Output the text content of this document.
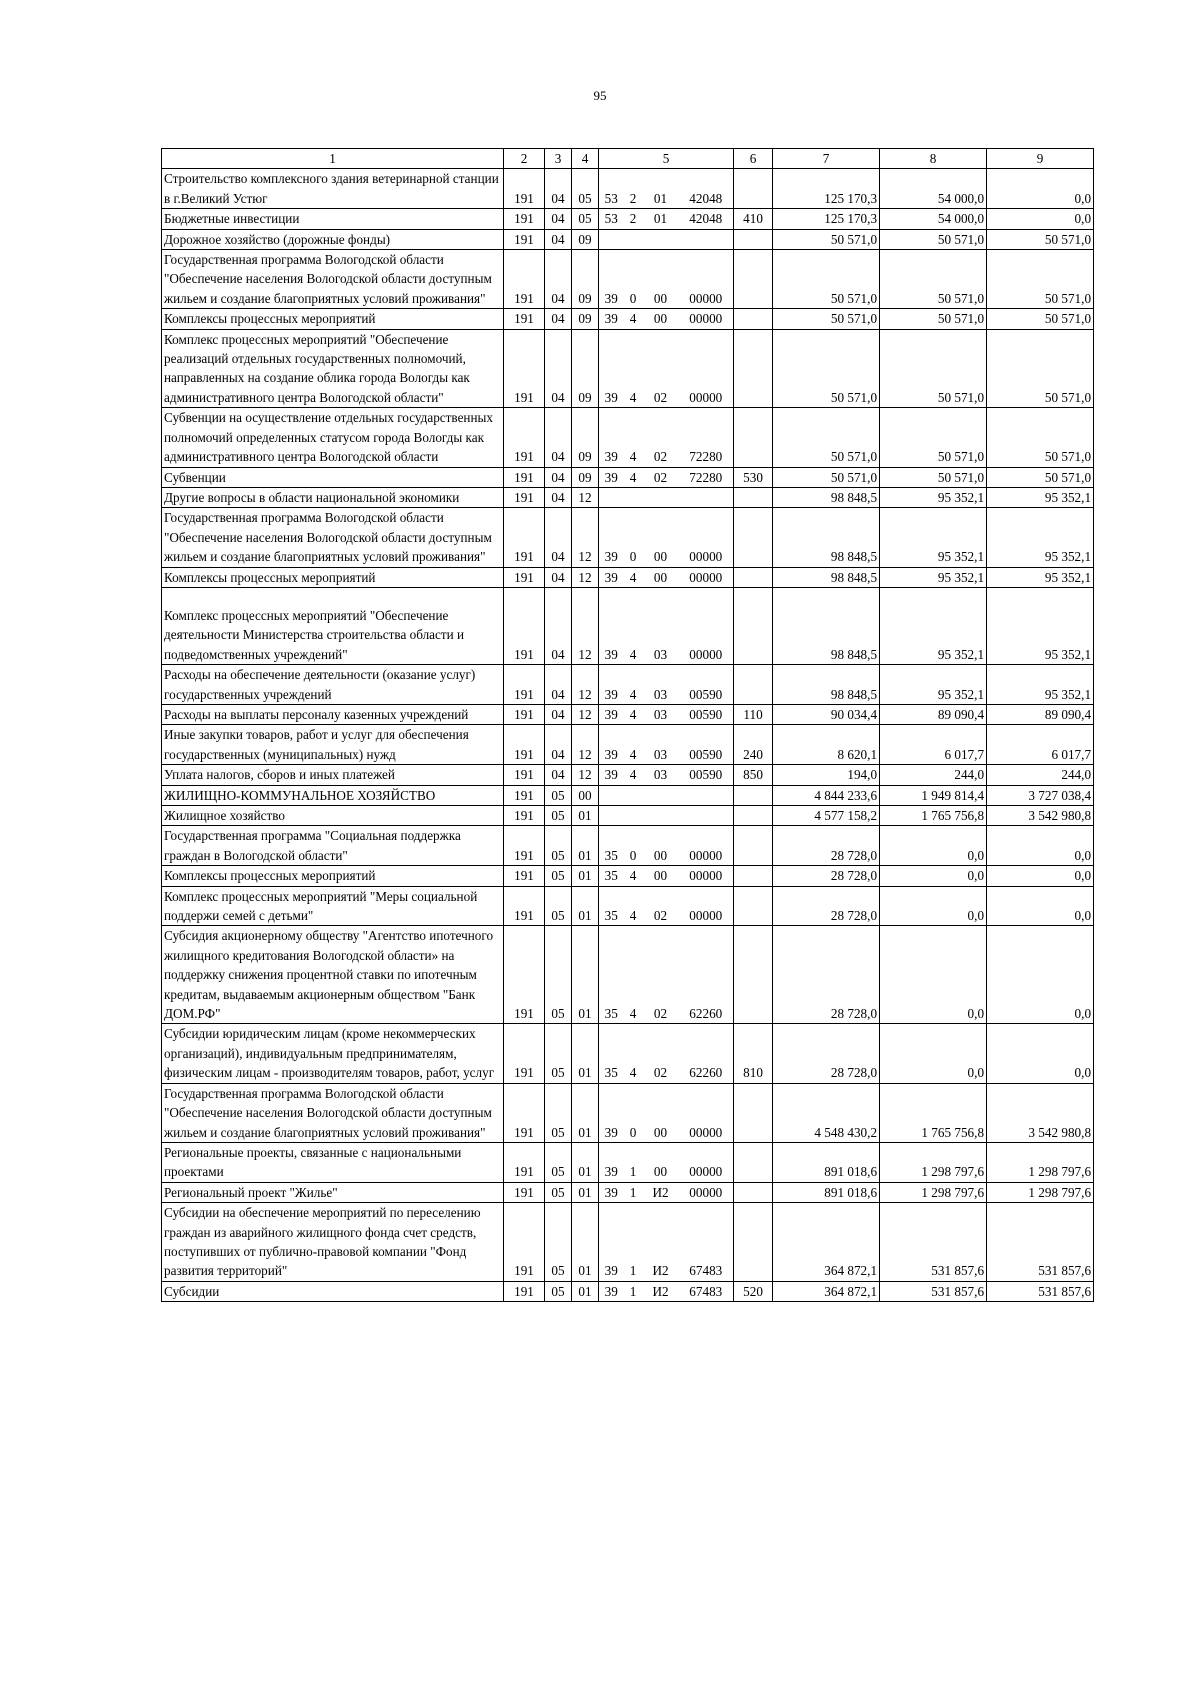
95
1	2	3	4	5				6	7	8	9
Строительство комплексного здания ветеринарной станции в г.Великий Устюг	191	04	05	53	2	01	42048		125 170,3	54 000,0	0,0
Бюджетные инвестиции	191	04	05	53	2	01	42048	410	125 170,3	54 000,0	0,0
Дорожное хозяйство (дорожные фонды)	191	04	09						50 571,0	50 571,0	50 571,0
Государственная программа Вологодской области "Обеспечение населения Вологодской области доступным жильем и создание благоприятных условий проживания"	191	04	09	39	0	00	00000		50 571,0	50 571,0	50 571,0
Комплексы процессных мероприятий	191	04	09	39	4	00	00000		50 571,0	50 571,0	50 571,0
Комплекс процессных мероприятий "Обеспечение реализаций отдельных государственных полномочий, направленных на создание облика города Вологды как административного центра Вологодской области"	191	04	09	39	4	02	00000		50 571,0	50 571,0	50 571,0
Субвенции на осуществление отдельных государственных полномочий определенных статусом города Вологды как административного центра Вологодской области	191	04	09	39	4	02	72280		50 571,0	50 571,0	50 571,0
Субвенции	191	04	09	39	4	02	72280	530	50 571,0	50 571,0	50 571,0
Другие вопросы в области национальной экономики	191	04	12						98 848,5	95 352,1	95 352,1
Государственная программа Вологодской области "Обеспечение населения Вологодской области доступным жильем и создание благоприятных условий проживания"	191	04	12	39	0	00	00000		98 848,5	95 352,1	95 352,1
Комплексы процессных мероприятий	191	04	12	39	4	00	00000		98 848,5	95 352,1	95 352,1
Комплекс процессных мероприятий "Обеспечение деятельности Министерства строительства области и подведомственных учреждений"	191	04	12	39	4	03	00000		98 848,5	95 352,1	95 352,1
Расходы на обеспечение деятельности (оказание услуг) государственных учреждений	191	04	12	39	4	03	00590		98 848,5	95 352,1	95 352,1
Расходы на выплаты персоналу казенных учреждений	191	04	12	39	4	03	00590	110	90 034,4	89 090,4	89 090,4
Иные закупки товаров, работ и услуг для обеспечения государственных (муниципальных) нужд	191	04	12	39	4	03	00590	240	8 620,1	6 017,7	6 017,7
Уплата налогов, сборов и иных платежей	191	04	12	39	4	03	00590	850	194,0	244,0	244,0
ЖИЛИЩНО-КОММУНАЛЬНОЕ ХОЗЯЙСТВО	191	05	00						4 844 233,6	1 949 814,4	3 727 038,4
Жилищное хозяйство	191	05	01						4 577 158,2	1 765 756,8	3 542 980,8
Государственная программа "Социальная поддержка граждан в Вологодской области"	191	05	01	35	0	00	00000		28 728,0	0,0	0,0
Комплексы процессных мероприятий	191	05	01	35	4	00	00000		28 728,0	0,0	0,0
Комплекс процессных мероприятий "Меры социальной поддержи семей с детьми"	191	05	01	35	4	02	00000		28 728,0	0,0	0,0
Субсидия акционерному обществу "Агентство ипотечного жилищного кредитования Вологодской области» на поддержку снижения процентной ставки по ипотечным кредитам, выдаваемым акционерным обществом "Банк ДОМ.РФ"	191	05	01	35	4	02	62260		28 728,0	0,0	0,0
Субсидии юридическим лицам (кроме некоммерческих организаций), индивидуальным предпринимателям, физическим лицам - производителям товаров, работ, услуг	191	05	01	35	4	02	62260	810	28 728,0	0,0	0,0
Государственная программа Вологодской области "Обеспечение населения Вологодской области доступным жильем и создание благоприятных условий проживания"	191	05	01	39	0	00	00000		4 548 430,2	1 765 756,8	3 542 980,8
Региональные проекты, связанные с национальными проектами	191	05	01	39	1	00	00000		891 018,6	1 298 797,6	1 298 797,6
Региональный проект "Жилье"	191	05	01	39	1	И2	00000		891 018,6	1 298 797,6	1 298 797,6
Субсидии на обеспечение мероприятий по переселению граждан из аварийного жилищного фонда счет средств, поступивших от публично-правовой компании "Фонд развития территорий"	191	05	01	39	1	И2	67483		364 872,1	531 857,6	531 857,6
Субсидии	191	05	01	39	1	И2	67483	520	364 872,1	531 857,6	531 857,6
